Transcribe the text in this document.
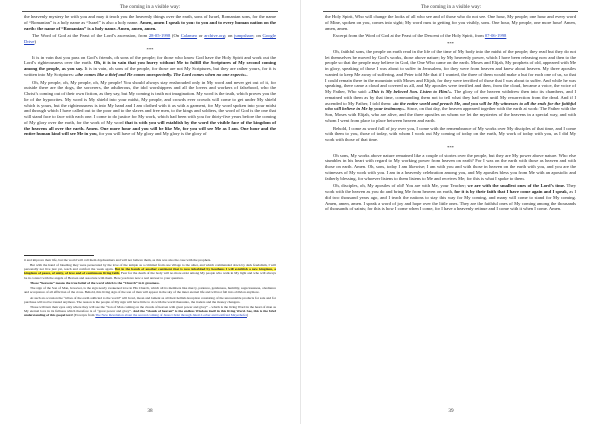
The coming in a visible way:

the heavenly mystery be with you and may it teach you the heavenly things over the earth, sons of Israel, Romanian sons, for the name of “Romanian” is a holy name as “Israel” is also a holy name. Amen, amen I speak to you: to you and to every human nation on the earth: the name of “Romanian” is a holy name. Amen, amen, amen.

The Word of God at the Feast of the Lord’s ascension, from 28-05-1998 (On Calameo or archive.org; on jumpshare; on Google Drive)

***

It is in vain that you pass on God’s friends, oh sons of the people; for those who know God have the Holy Spirit and work out the Lord’s righteousness over the earth. Oh, it is in vain that you hurry without Me to fulfill the Scriptures of My second coming among the people, as you say. It is in vain, oh sons of the people, for those are not My Scriptures, but they are rather yours, for it is written into My Scriptures: «the comes like a thief and He comes unexpectedly. The Lord comes when no one expects».

Oh, My people, oh, My people, oh, My people! You should always stay enshrouded only in My word and never get out of it, for outside there are the dogs, the sorcerers, the adulterous, the idol worshippers and all the lovers and workers of falsehood, who the Christ’s coming out of their own fiction, as they say, but My coming is truth not imagination. My word is the truth, which proves you the lie of the hypocrites. My word is My shield into your midst, My people, and crowds ever crowds will come to get under My shield which is yours, but the righteousness is into My hand and I am clothed with it as with a garment, for My word spoken into your midst and through which I have called out to the poor and to the slaves and free men, to the kings and soldiers, the word of God is the one that will stand face to face with each one. I come to do justice for My work, which had been with you for thirty-five years before the coming of My glory over the earth, for the work of My word that is with you will establish by the word the visible face of the kingdom of the heavens all over the earth. Amen. One more hour and you will be like Me, for you will see Me as I am. One hour and the entire human kind will see Me in you, for you will have of My glory and My glory is the glory of

it and improve their life, but the world will call them daydreamers and will not believe them, as this was also the case with the prophets.

But with the hand of bleeding they were persecuted by the love of the temple as a criminal from one village to the other, and which commanded down by dark feudalism, I will personally not live just yet, teach and comfort the weak again. But in the hands of another continent that is now inhabited by heathens I will establish a new kingdom, a kingdom of peace, of unity, of love and of continuous living faith. Fear for the death of the body will no more exist among My people who walk in My light and who will always be in contact with the angels of Heaven and associate with them. Here you have now a real answer to your question.

Those “heavens” means the true belief of the word which is the “Church” in it greatness.

The sign of the Son of Man, however, is the sign newly awakened love in His Church, which all its members like mercy, patience, gentleness, humility, sagaciousness, obedience and acceptance of all affliction of the cross. Behold, this living sign of the son of man will appear in the sky of the inner eternal life and will not fall into oblivion anymore.

At such an occasion the “tribes of the earth addicted to the world” will howl, moan and lament as all their hellish deception consisting of the uncountable products for sale and for purchase will not be trusted anymore. The reason is the people of My sign will have little to do with the world thereunto, the traders and the money changers.

Those will turn their eyes only where they will see the “Son of Man coming on the clouds of heaven with great power and glory” – which is the living Word in the heart of man as My eternal love in its fullness which therefore is of “great power and glory”. And the “clouds of heaven” is the endless Wisdom itself in this living Word. See, this is the brief understanding of this gospel text! (Excerpts from The New Revelation about the second coming of Jesus Christ through Jakob Lorber and Gottfried Mayerhofer)

38
The coming in a visible way:

the Holy Spirit, Who will change the looks of all who see and of those who do not see. One hour, My people; one hour and every word of Mine, spoken on you, comes into sight; My word runs to getting for you visibly, sons. One hour, My people, one more hour! Amen, amen, amen.

Excerpt from the Word of God at the Feast of the Descent of the Holy Spirit, from 07-06-1998

***

Oh, faithful sons, the people on earth read in the life of the time of My body into the midst of the people; they read but they do not let themselves be moved by God’s works, those above nature; by My heavenly power, which I have been releasing now and then to the people so that the people may believe in God, the One Who came on the earth. Moses and Elijah, My prophets of old, appeared with Me in glory, speaking of those I was about to suffer in Jerusalem, for they were from heaven and knew about heaven. My three apostles wanted to keep Me away of suffering, and Peter told Me that if I wanted, the three of them would make a hut for each one of us, so that I could remain there in the mountain with Moses and Elijah, for they were terrified of those that I was about to suffer. And while he was speaking, there came a cloud and covered us all, and My apostles were terrified and then, from the cloud, became a voice, the voice of My Father, Who said: «This is My beloved Son. Listen to Him!». The glory of the heaven withdrew then into its chambers, and I remained with them as by that time, commanding them not to tell what they had seen until My resurrection from the dead. And if I ascended to My Father, I told them: «to the entire world and preach Me, and you will be My witnesses to all the ends for the faithful who will believe in Me by your testimony». Since, on that day, the heaven appeared together with the earth at work: The Father with the Son, Moses with Elijah, who are alive, and the three apostles on whom we let the mysteries of the heavens in a special way, and with whom I went from place to place between heaven and earth.

Behold, I come as word full of joy over you, I come with the remembrance of My works over My disciples of that time, and I come with them to you, those of today, with whom I work out My coming of today on the earth, My work of today with you, as I did My work with those of that time.

***

Oh sons, My works above nature remained like a couple of stories over the people, but they are My power above nature. Who else stumbles in his heart with regard to My working power from heaven on earth? For I was on the earth with those as heaven and with those on earth. Amen. Oh, sons, today I am likewise; I am with you and with those in heaven on the earth with you, and you are the witnesses of My work with you. I am in a heavenly celebration among you, and My apostles bless you from Me with an apostolic and fatherly blessing, for whoever listens to them listens to Me and receives Me; for this is what I spoke to them.

Oh, disciples, oh, My apostles of old! You are with Me, your Teacher; we are with the smallest ones of the Lord’s time. They work with the heaven as you do and bring Me from heaven on earth, for it is by their faith that I have come again and I speak, as I did two thousand years ago, and I teach the nations to stay this way for My coming, and many will come to stand for My coming. Amen, amen, amen. I speak a word of joy and hope over the little ones. They are the faithful ones of My coming among the thousands of thousands of saints; for this is how I come when I come, for I have a heavenly retinue and I come with it when I come. Amen.

39
